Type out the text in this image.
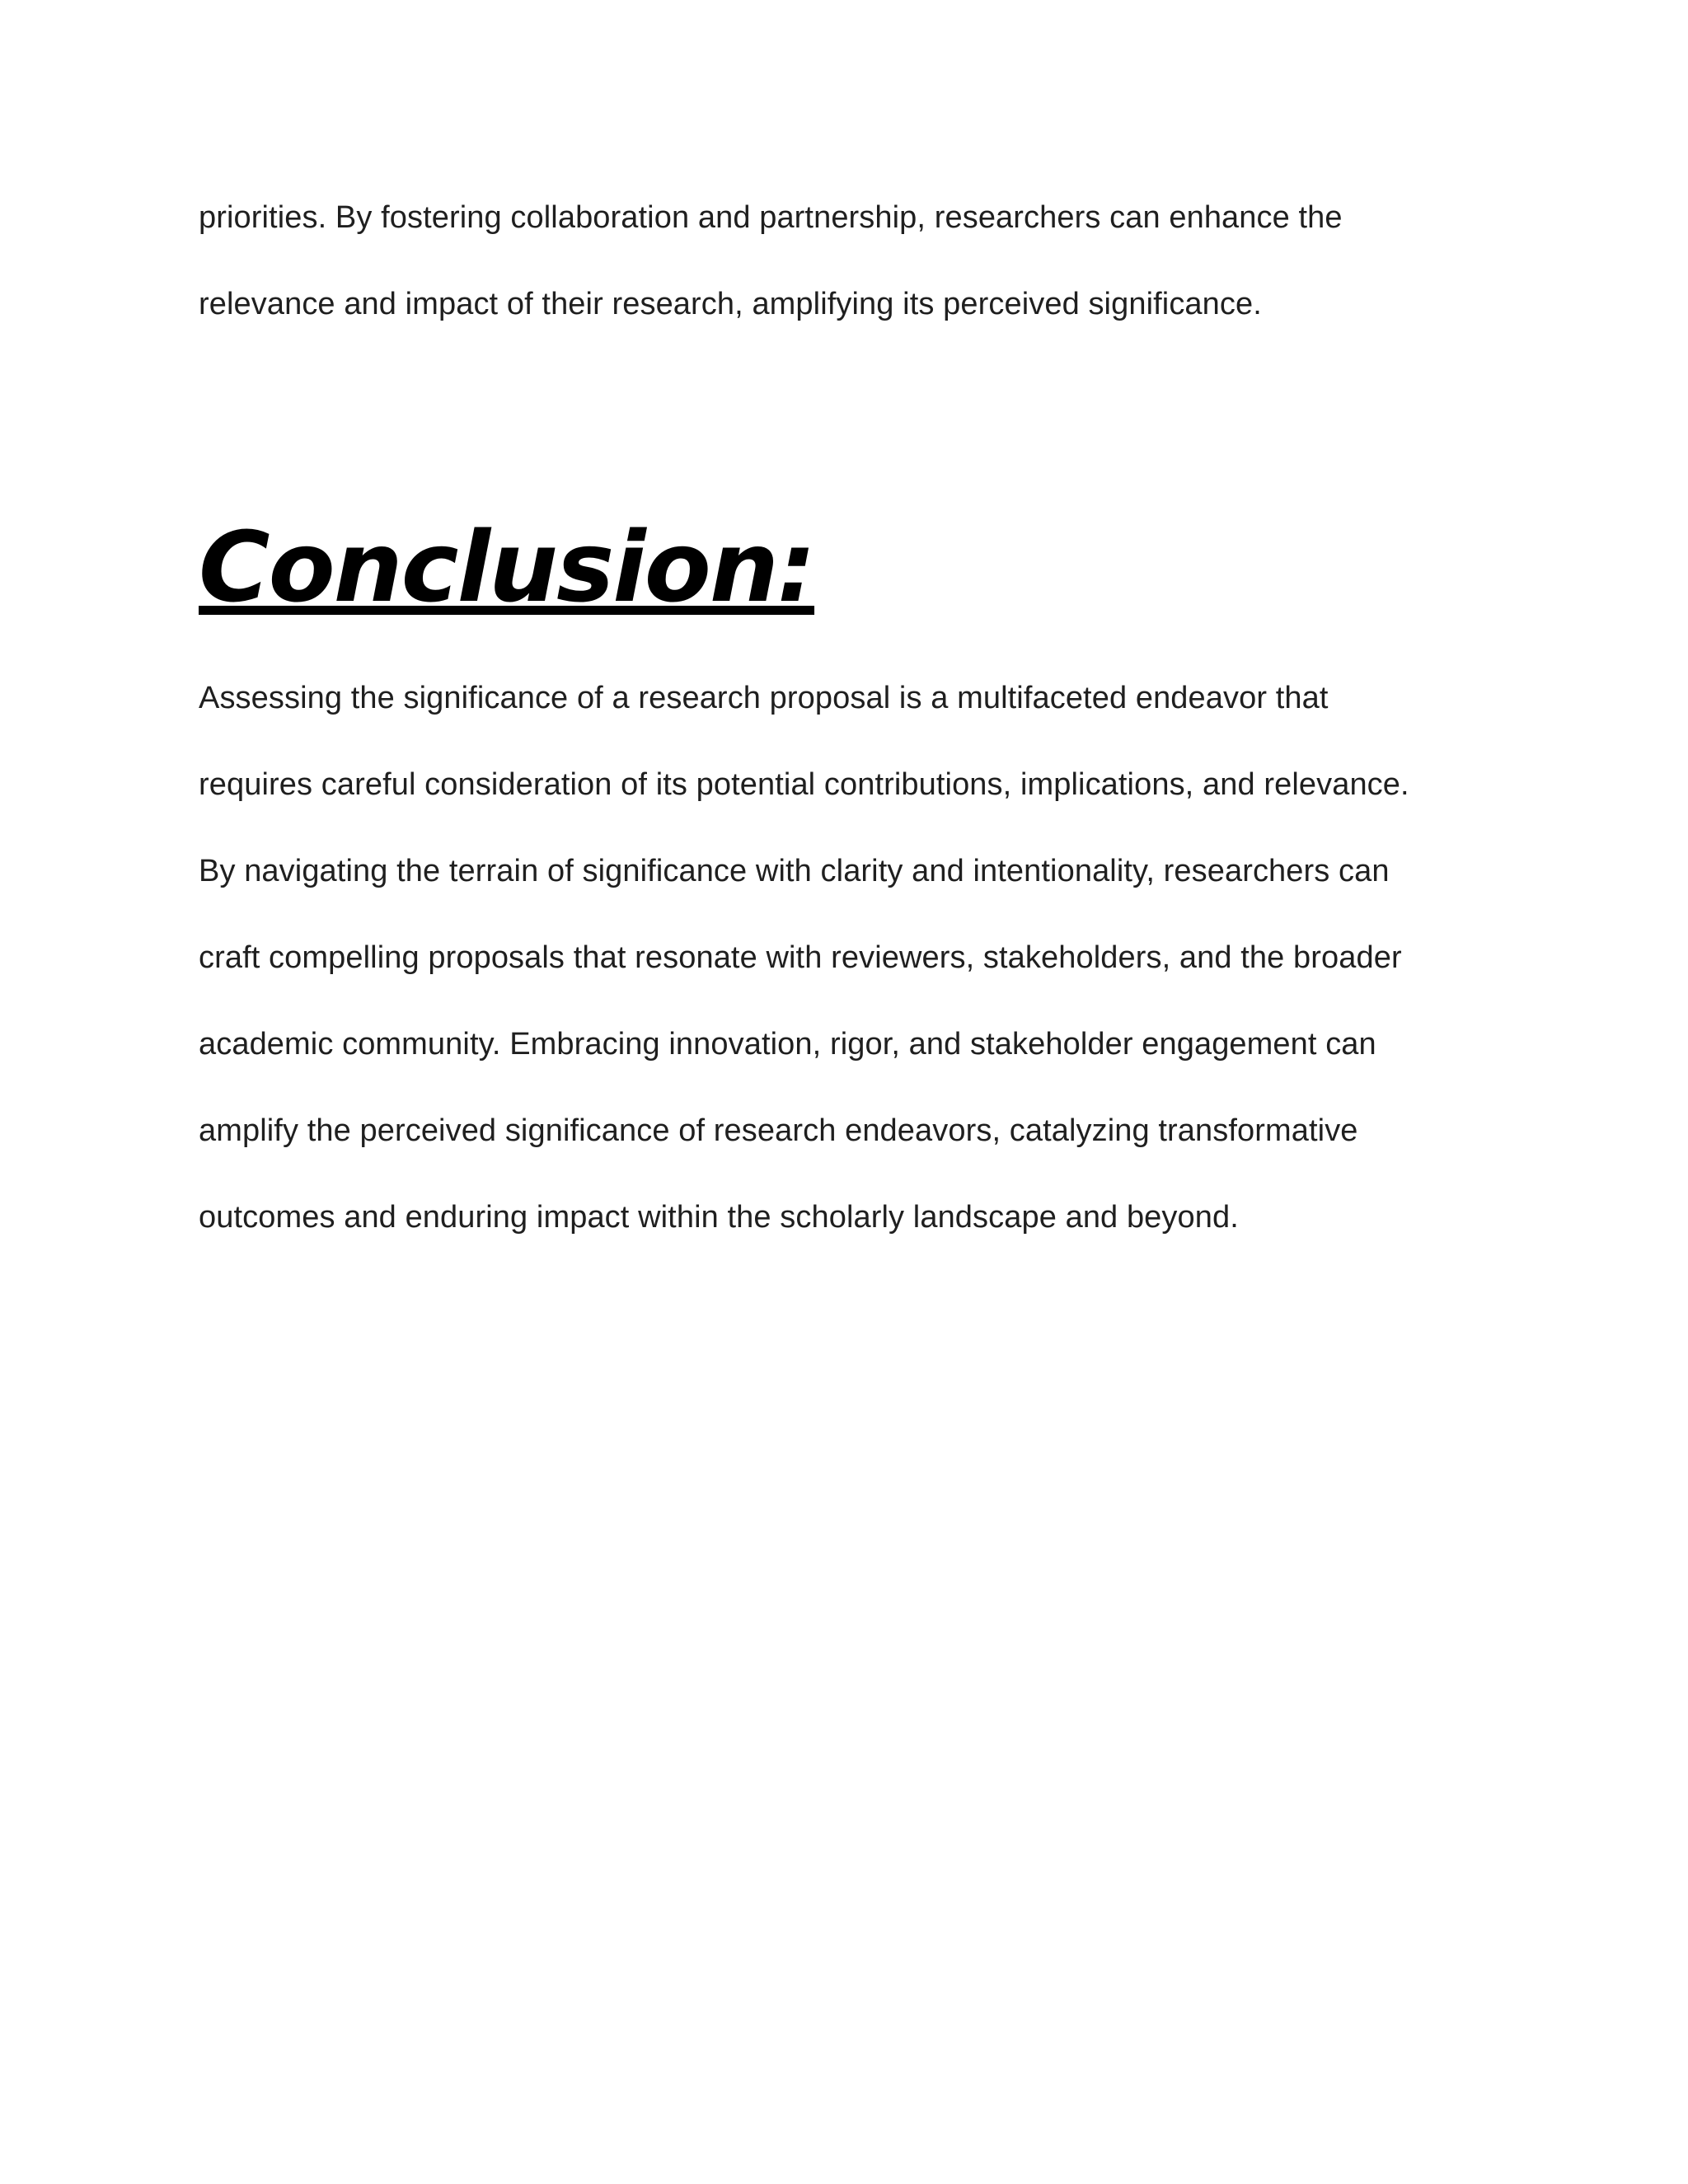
priorities. By fostering collaboration and partnership, researchers can enhance the
relevance and impact of their research, amplifying its perceived significance.
Conclusion:
Assessing the significance of a research proposal is a multifaceted endeavor that
requires careful consideration of its potential contributions, implications, and relevance.
By navigating the terrain of significance with clarity and intentionality, researchers can
craft compelling proposals that resonate with reviewers, stakeholders, and the broader
academic community. Embracing innovation, rigor, and stakeholder engagement can
amplify the perceived significance of research endeavors, catalyzing transformative
outcomes and enduring impact within the scholarly landscape and beyond.
